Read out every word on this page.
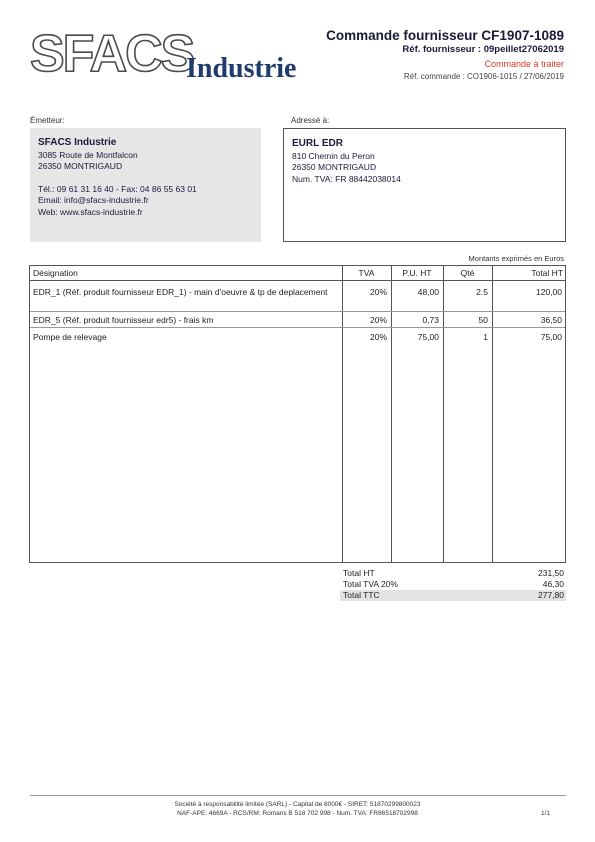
SFACS
Industrie
Commande fournisseur CF1907-1089
Réf. fournisseur : 09peillet27062019
Commande à traiter
Réf. commande : CO1906-1015 / 27/06/2019
Émetteur:	Adressé à:
SFACS Industrie
3085 Route de Montfalcon
26350 MONTRIGAUD
Tél.: 09 61 31 16 40 - Fax: 04 86 55 63 01
Email: info@sfacs-industrie.fr
Web: www.sfacs-industrie.fr
EURL EDR
810 Chemin du Peron
26350 MONTRIGAUD
Num. TVA: FR 88442038014
Montants exprimés en Euros
Désignation	TVA	P.U. HT	Qté	Total HT
EDR_1 (Réf. produit fournisseur EDR_1) - main d'oeuvre & tp de deplacement	20%	48,00	2.5	120,00
EDR_5 (Réf. produit fournisseur edr5) - frais km	20%	0,73	50	36,50
Pompe de relevage	20%	75,00	1	75,00
Total HT	231,50
Total TVA 20%	46,30
Total TTC	277,80
Société à responsabilité limitée (SARL) - Capital de 8000€ - SIRET: 51870299800023
NAF-APE: 4669A - RCS/RM: Romans B 518 702 998 - Num. TVA: FR86518702998	1/1
